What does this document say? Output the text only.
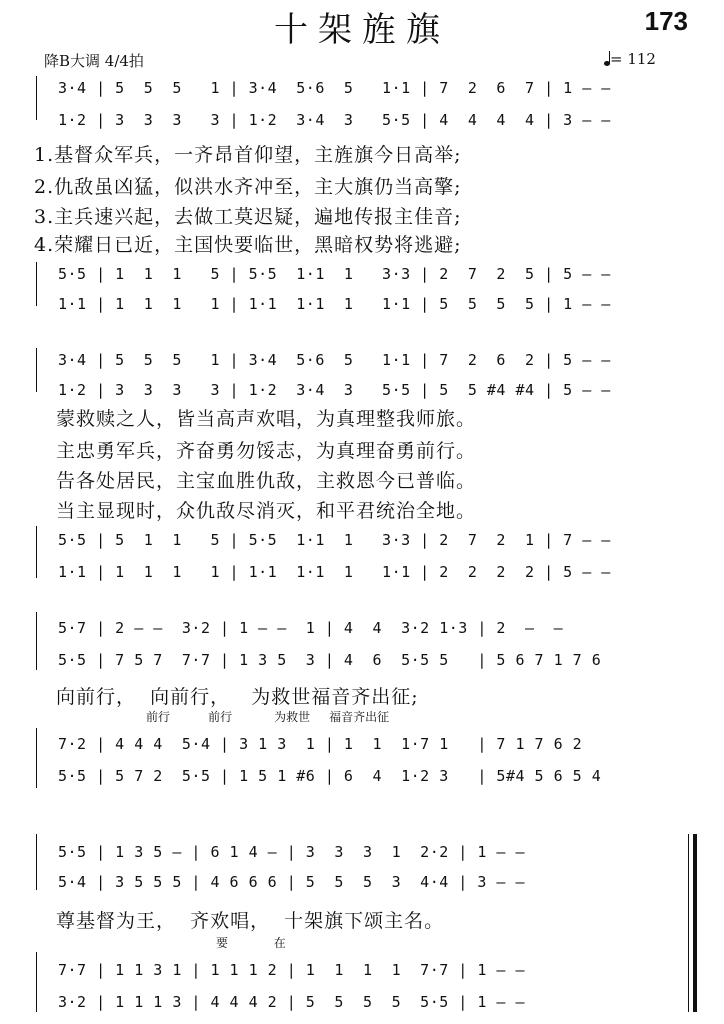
十架旌旗	173
降B大调 4/4拍	= 112
3·4 | 5  5  5   1 | 3·4  5·6  5   1·1 | 7  2  6  7 | 1 — —
1·2 | 3  3  3   3 | 1·2  3·4  3   5·5 | 4  4  4  4 | 3 — —
1.基督众军兵，一齐昂首仰望，主旌旗今日高举;
2.仇敌虽凶猛，似洪水齐冲至，主大旗仍当高擎;
3.主兵速兴起，去做工莫迟疑，遍地传报主佳音;
4.荣耀日已近，主国快要临世，黑暗权势将逃避;
5·5 | 1  1  1   5 | 5·5  1·1  1   3·3 | 2  7  2  5 | 5 — —
1·1 | 1  1  1   1 | 1·1  1·1  1   1·1 | 5  5  5  5 | 1 — —
3·4 | 5  5  5   1 | 3·4  5·6  5   1·1 | 7  2  6  2 | 5 — —
1·2 | 3  3  3   3 | 1·2  3·4  3   5·5 | 5  5 #4 #4 | 5 — —
蒙救赎之人，皆当高声欢唱，为真理整我师旅。
主忠勇军兵，齐奋勇勿馁志，为真理奋勇前行。
告各处居民，主宝血胜仇敌，主救恩今已普临。
当主显现时，众仇敌尽消灭，和平君统治全地。
5·5 | 5  1  1   5 | 5·5  1·1  1   3·3 | 2  7  2  1 | 7 — —
1·1 | 1  1  1   1 | 1·1  1·1  1   1·1 | 2  2  2  2 | 5 — —
5·7 | 2 — —  3·2 | 1 — —  1 | 4  4  3·2 1·3 | 2  —  —
5·5 | 7 5 7  7·7 | 1 3 5  3 | 4  6  5·5 5   | 5 6 7 1 7 6
向前行，  向前行，   为救世福音齐出征;
前行          前行           为救世     福音齐出征
7·2 | 4 4 4  5·4 | 3 1 3  1 | 1  1  1·7 1   | 7 1 7 6 2
5·5 | 5 7 2  5·5 | 1 5 1 #6 | 6  4  1·2 3   | 5#4 5 6 5 4
5·5 | 1 3 5 — | 6 1 4 — | 3  3  3  1  2·2 | 1 — —
5·4 | 3 5 5 5 | 4 6 6 6 | 5  5  5  3  4·4 | 3 — —
尊基督为王，  齐欢唱，  十架旗下颂主名。
要            在
7·7 | 1 1 3 1 | 1 1 1 2 | 1  1  1  1  7·7 | 1 — —
3·2 | 1 1 1 3 | 4 4 4 2 | 5  5  5  5  5·5 | 1 — —
